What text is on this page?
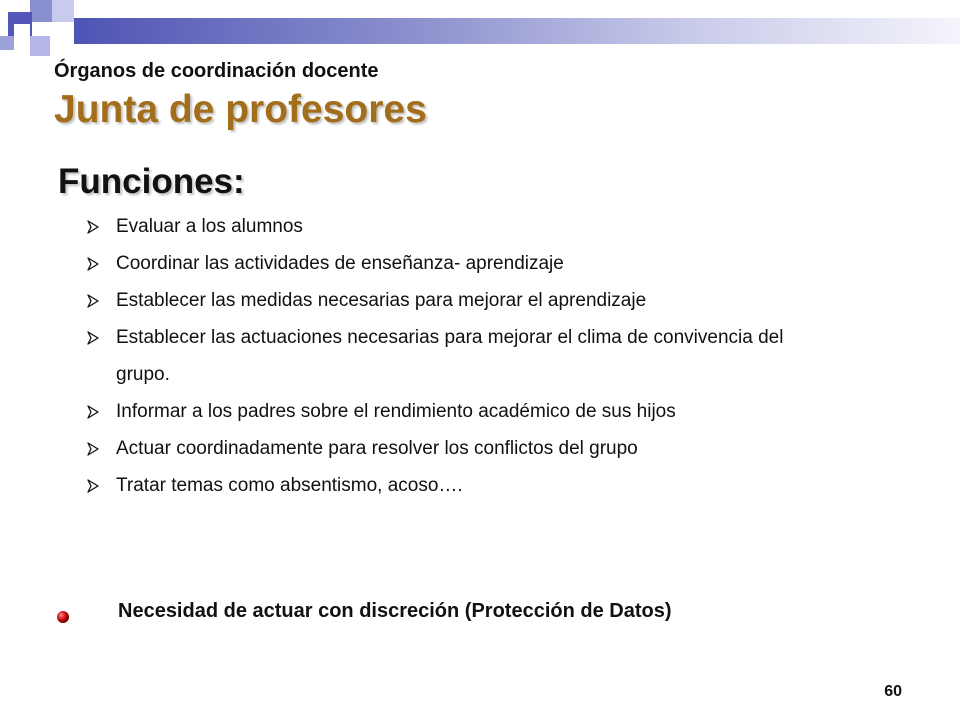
Órganos de coordinación docente
Junta de profesores
Funciones:
Evaluar a los alumnos
Coordinar las actividades de enseñanza- aprendizaje
Establecer las medidas necesarias para mejorar el aprendizaje
Establecer las actuaciones necesarias para mejorar el clima de convivencia del grupo.
Informar a los padres sobre el rendimiento académico de sus hijos
Actuar coordinadamente para resolver los conflictos del grupo
Tratar temas como absentismo, acoso….
Necesidad de actuar con discreción (Protección de Datos)
60
